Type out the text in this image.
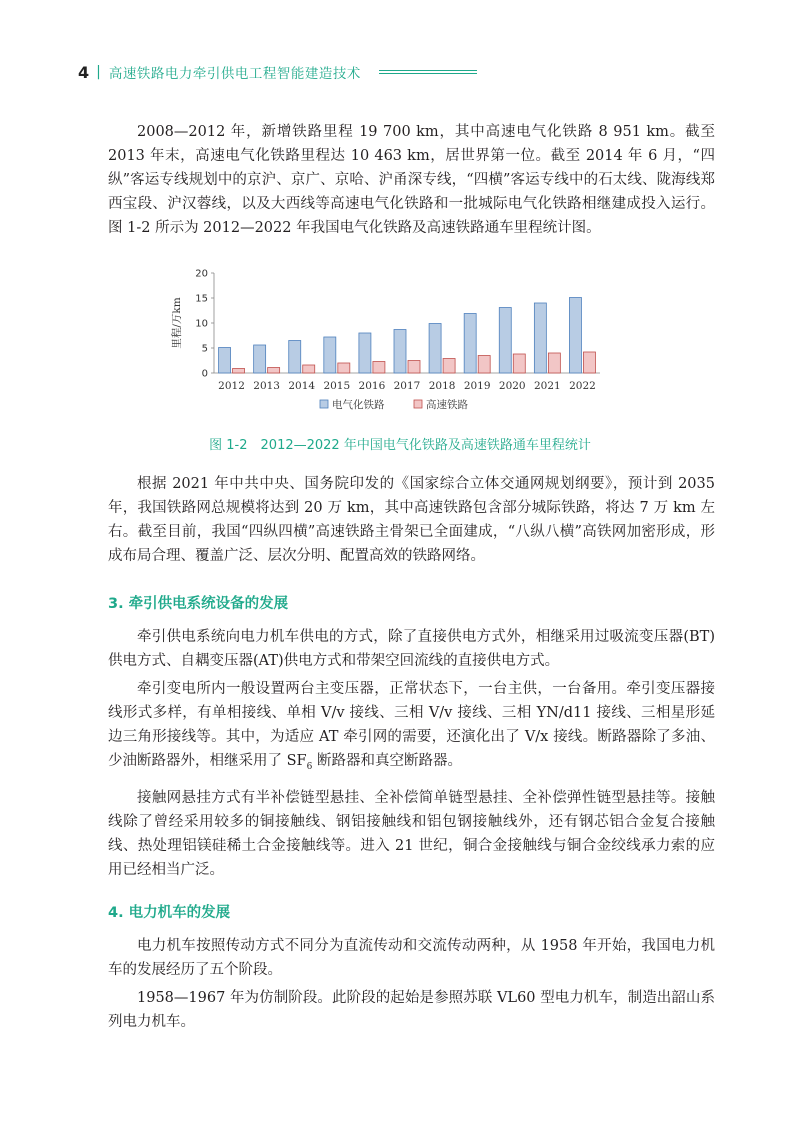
4 | 高速铁路电力牵引供电工程智能建造技术

2008—2012 年，新增铁路里程 19 700 km，其中高速电气化铁路 8 951 km。截至 2013 年末，高速电气化铁路里程达 10 463 km，居世界第一位。截至 2014 年 6 月，“四纵”客运专线规划中的京沪、京广、京哈、沪甬深专线，“四横”客运专线中的石太线、陇海线郑西宝段、沪汉蓉线，以及大西线等高速电气化铁路和一批城际电气化铁路相继建成投入运行。图 1-2 所示为 2012—2022 年我国电气化铁路及高速铁路通车里程统计图。

0
5
10
15
20
里程/万km
2012 2013 2014 2015 2016 2017 2018 2019 2020 2021 2022
电气化铁路	高速铁路

图 1-2　2012—2022 年中国电气化铁路及高速铁路通车里程统计

根据 2021 年中共中央、国务院印发的《国家综合立体交通网规划纲要》，预计到 2035 年，我国铁路网总规模将达到 20 万 km，其中高速铁路包含部分城际铁路，将达 7 万 km 左右。截至目前，我国“四纵四横”高速铁路主骨架已全面建成，“八纵八横”高铁网加密形成，形成布局合理、覆盖广泛、层次分明、配置高效的铁路网络。

3. 牵引供电系统设备的发展

牵引供电系统向电力机车供电的方式，除了直接供电方式外，相继采用过吸流变压器(BT)供电方式、自耦变压器(AT)供电方式和带架空回流线的直接供电方式。

牵引变电所内一般设置两台主变压器，正常状态下，一台主供，一台备用。牵引变压器接线形式多样，有单相接线、单相 V/v 接线、三相 V/v 接线、三相 YN/d11 接线、三相星形延边三角形接线等。其中，为适应 AT 牵引网的需要，还演化出了 V/x 接线。断路器除了多油、少油断路器外，相继采用了 $SF_6$ 断路器和真空断路器。

接触网悬挂方式有半补偿链型悬挂、全补偿简单链型悬挂、全补偿弹性链型悬挂等。接触线除了曾经采用较多的铜接触线、钢铝接触线和铝包钢接触线外，还有钢芯铝合金复合接触线、热处理铝镁硅稀土合金接触线等。进入 21 世纪，铜合金接触线与铜合金绞线承力索的应用已经相当广泛。

4. 电力机车的发展

电力机车按照传动方式不同分为直流传动和交流传动两种，从 1958 年开始，我国电力机车的发展经历了五个阶段。

1958—1967 年为仿制阶段。此阶段的起始是参照苏联 VL60 型电力机车，制造出韶山系列电力机车。
